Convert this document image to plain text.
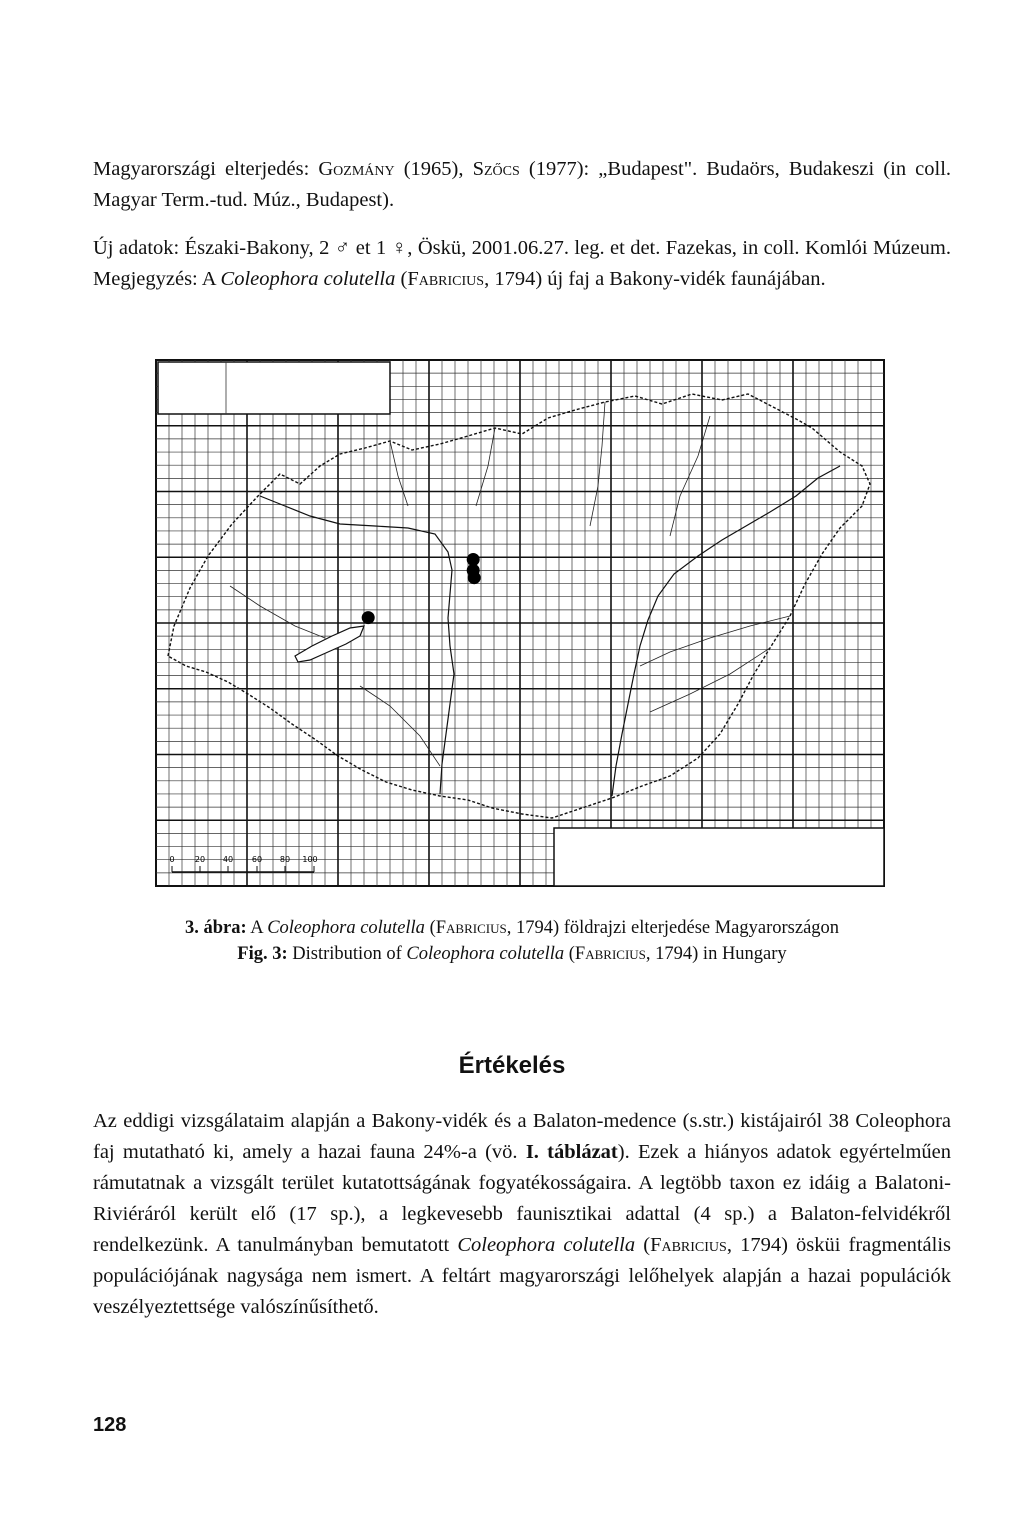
Magyarországi elterjedés: Gozmány (1965), Szőcs (1977): „Budapest". Budaörs, Budakeszi (in coll. Magyar Term.-tud. Múz., Budapest).

Új adatok: Északi-Bakony, 2 ♂ et 1 ♀, Öskü, 2001.06.27. leg. et det. Fazekas, in coll. Komlói Múzeum. Megjegyzés: A Coleophora colutella (Fabricius, 1794) új faj a Bakony-vidék faunájában.

0	20 40 60 80 100

3. ábra: A Coleophora colutella (Fabricius, 1794) földrajzi elterjedése Magyarországon

Fig. 3: Distribution of Coleophora colutella (Fabricius, 1794) in Hungary

Értékelés

Az eddigi vizsgálataim alapján a Bakony-vidék és a Balaton-medence (s.str.) kistájairól 38 Coleophora faj mutatható ki, amely a hazai fauna 24%-a (vö. I. táblázat). Ezek a hiányos adatok egyértelműen rámutatnak a vizsgált terület kutatottságának fogyatékosságaira. A legtöbb taxon ez idáig a Balatoni-Riviéráról került elő (17 sp.), a legkevesebb faunisztikai adattal (4 sp.) a Balaton-felvidékről rendelkezünk. A tanulmányban bemutatott Coleophora colutella (Fabricius, 1794) ösküi fragmentális populációjának nagysága nem ismert. A feltárt magyarországi lelőhelyek alapján a hazai populációk veszélyeztettsége valószínűsíthető.

128
